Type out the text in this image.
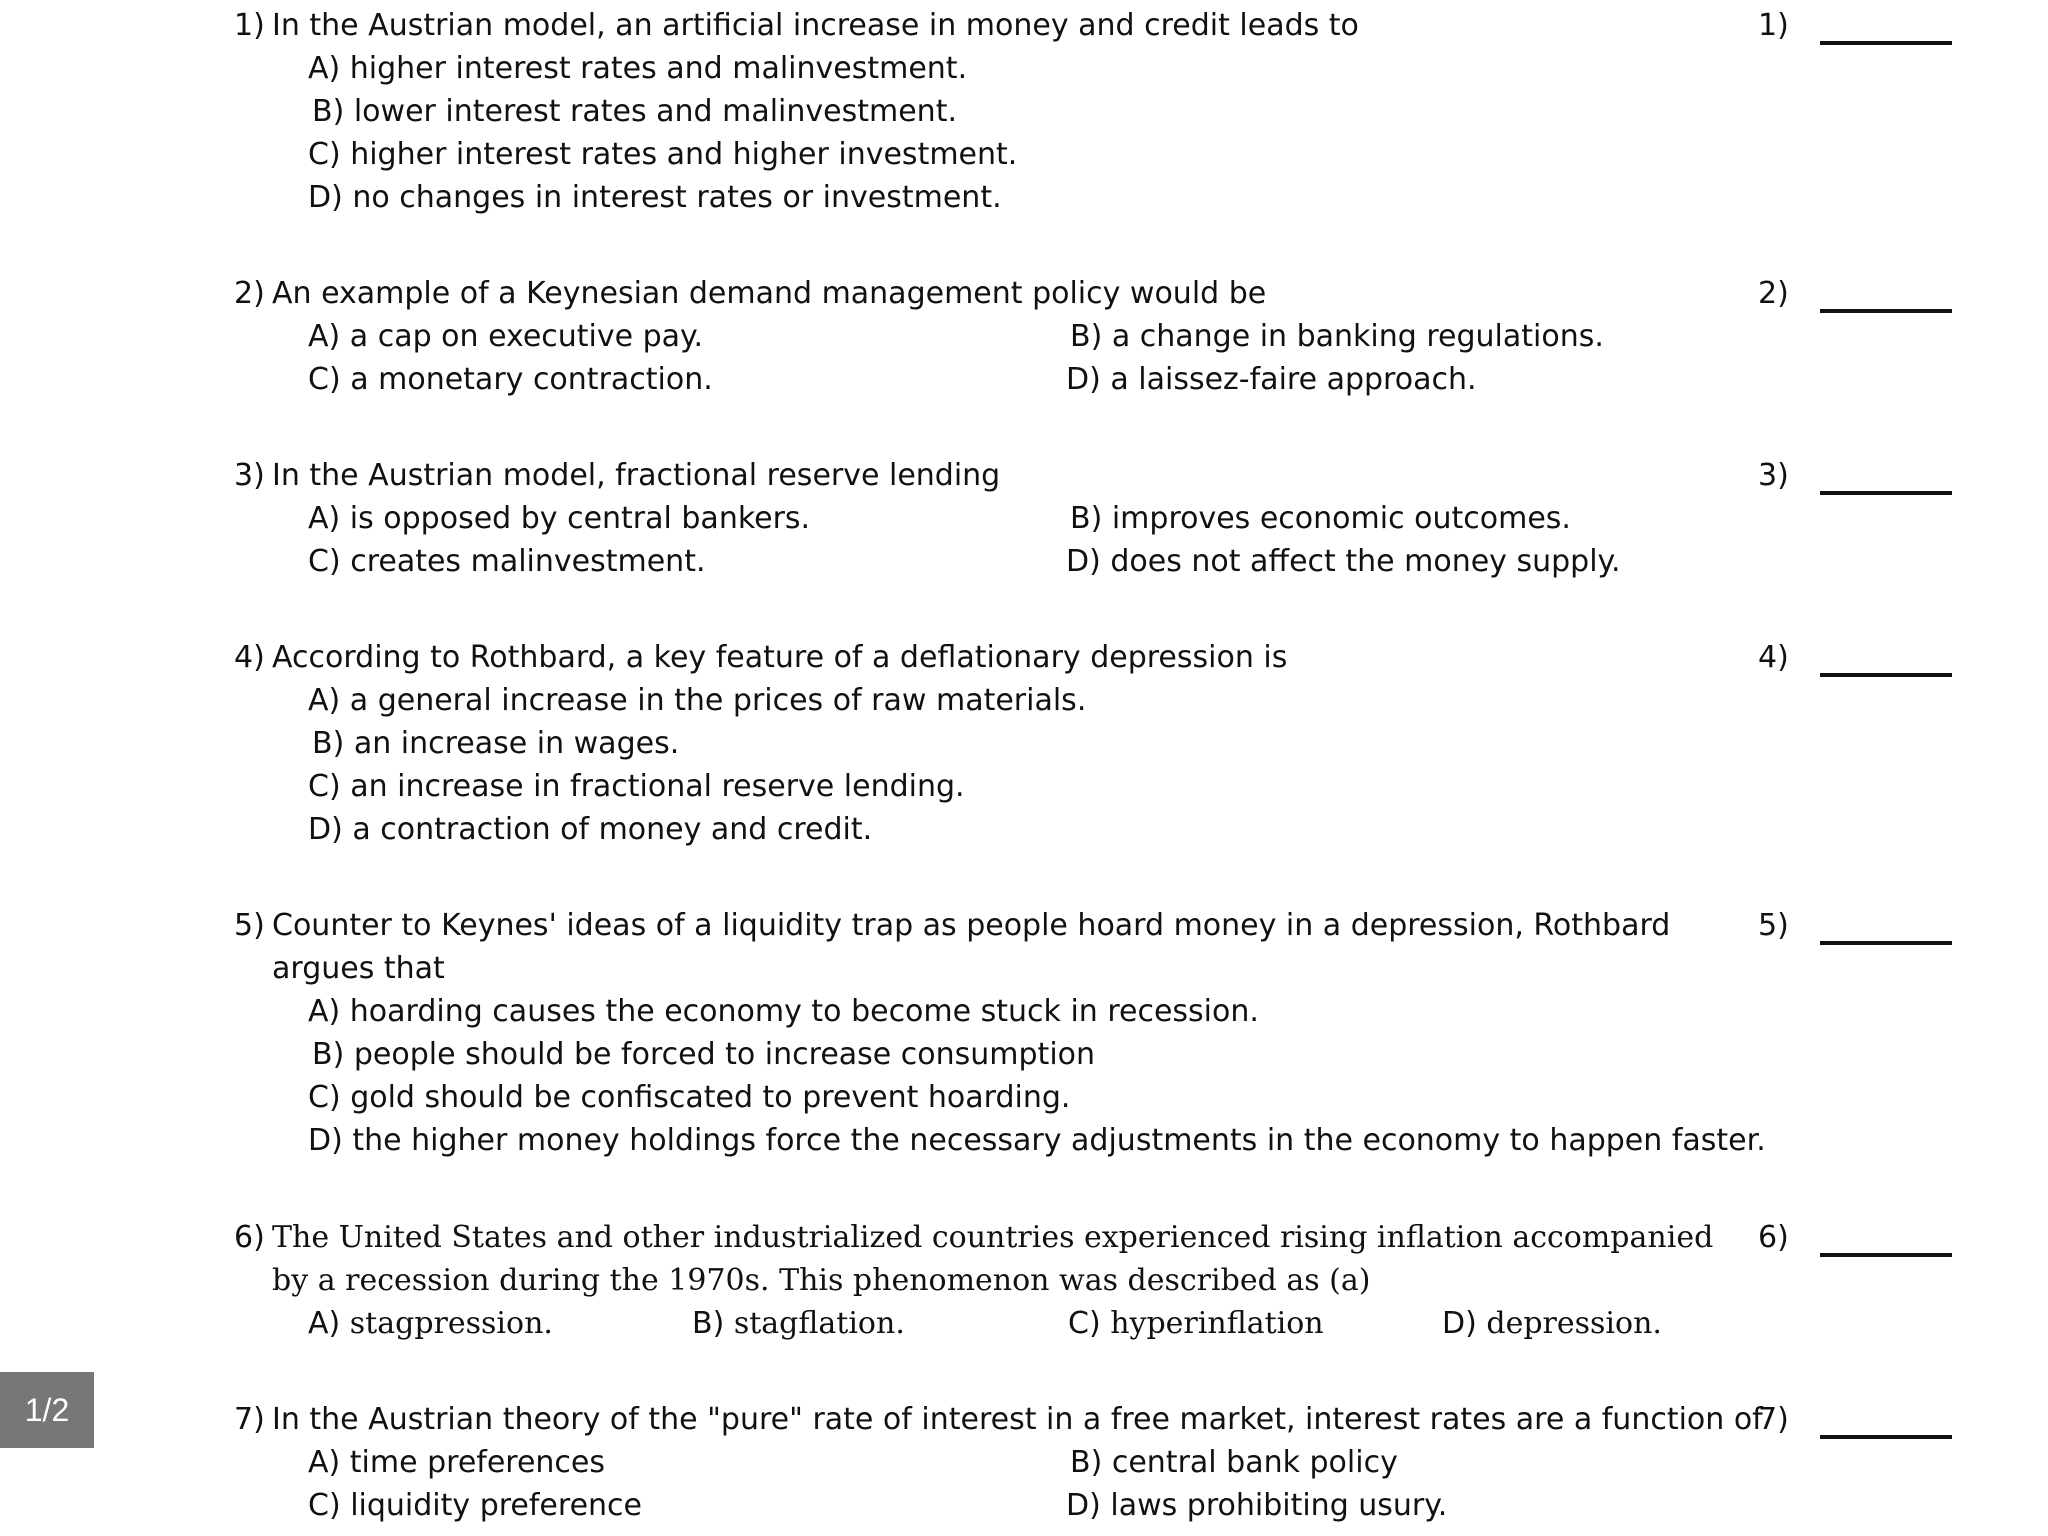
1) In the Austrian model, an artificial increase in money and credit leads to
A) higher interest rates and malinvestment.
B) lower interest rates and malinvestment.
C) higher interest rates and higher investment.
D) no changes in interest rates or investment.
1)
2) An example of a Keynesian demand management policy would be
A) a cap on executive pay.	B) a change in banking regulations.
C) a monetary contraction.	D) a laissez-faire approach.
2)
3) In the Austrian model, fractional reserve lending
A) is opposed by central bankers.	B) improves economic outcomes.
C) creates malinvestment.	D) does not affect the money supply.
3)
4) According to Rothbard, a key feature of a deflationary depression is
A) a general increase in the prices of raw materials.
B) an increase in wages.
C) an increase in fractional reserve lending.
D) a contraction of money and credit.
4)
5) Counter to Keynes' ideas of a liquidity trap as people hoard money in a depression, Rothbard
argues that
A) hoarding causes the economy to become stuck in recession.
B) people should be forced to increase consumption
C) gold should be confiscated to prevent hoarding.
D) the higher money holdings force the necessary adjustments in the economy to happen faster.
5)
6) The United States and other industrialized countries experienced rising inflation accompanied
by a recession during the 1970s. This phenomenon was described as (a)
A) stagpression.	B) stagflation.	C) hyperinflation	D) depression.
6)
7) In the Austrian theory of the "pure" rate of interest in a free market, interest rates are a function of
A) time preferences	B) central bank policy
C) liquidity preference	D) laws prohibiting usury.
7)
1/2
